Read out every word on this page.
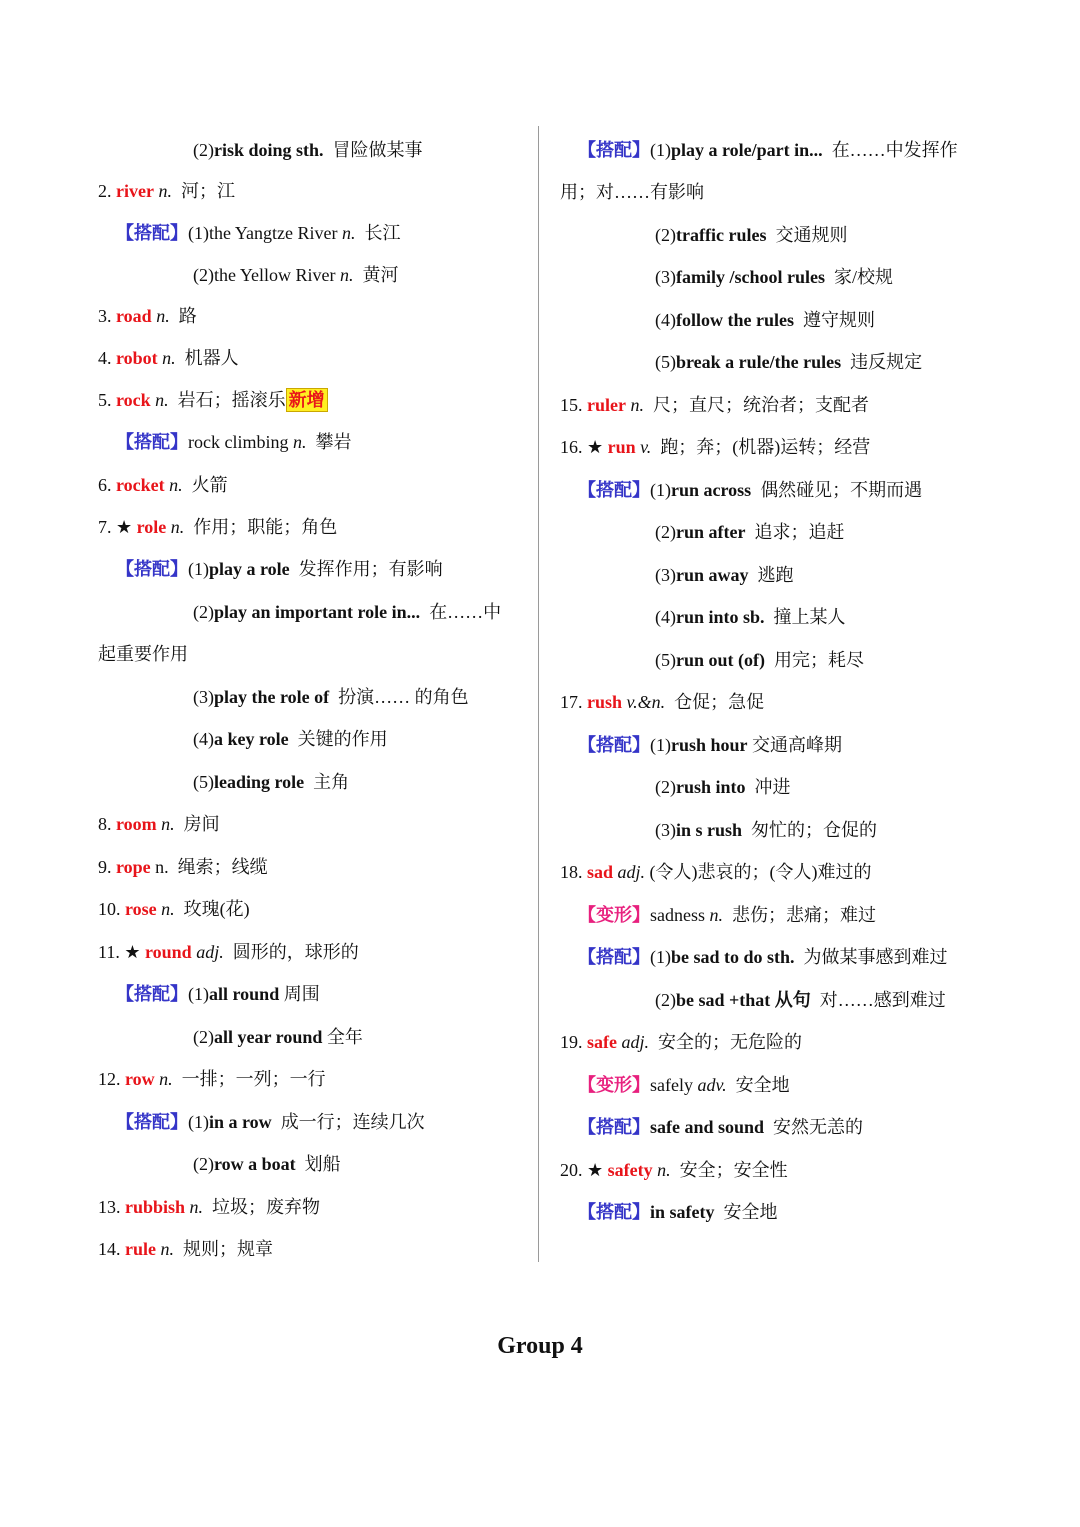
(2)risk doing sth. 冒险做某事
2. river n. 河；江
【搭配】(1)the Yangtze River n. 长江
(2)the Yellow River n. 黄河
3. road n. 路
4. robot n. 机器人
5. rock n. 岩石；摇滚乐 新增
【搭配】rock climbing n. 攀岩
6. rocket n. 火箭
7. ★ role n. 作用；职能；角色
【搭配】(1)play a role 发挥作用；有影响
(2)play an important role in... 在……中
起重要作用
(3)play the role of 扮演…… 的角色
(4)a key role 关键的作用
(5)leading role 主角
8. room n. 房间
9. rope n. 绳索；线缆
10. rose n. 玫瑰(花)
11. ★ round adj. 圆形的，球形的
【搭配】(1)all round 周围
(2)all year round 全年
12. row n. 一排；一列；一行
【搭配】(1)in a row 成一行；连续几次
(2)row a boat 划船
13. rubbish n. 垃圾；废弃物
14. rule n. 规则；规章
【搭配】(1)play a role/part in... 在……中发挥作
用；对……有影响
(2)traffic rules 交通规则
(3)family /school rules 家/校规
(4)follow the rules 遵守规则
(5)break a rule/the rules 违反规定
15. ruler n. 尺；直尺；统治者；支配者
16. ★ run v. 跑；奔；(机器)运转；经营
【搭配】(1)run across 偶然碰见；不期而遇
(2)run after 追求；追赶
(3)run away 逃跑
(4)run into sb. 撞上某人
(5)run out (of) 用完；耗尽
17. rush v.&n. 仓促；急促
【搭配】(1)rush hour 交通高峰期
(2)rush into 冲进
(3)in s rush 匆忙的；仓促的
18. sad adj. (令人)悲哀的；(令人)难过的
【变形】sadness n. 悲伤；悲痛；难过
【搭配】(1)be sad to do sth. 为做某事感到难过
(2)be sad +that 从句 对……感到难过
19. safe adj. 安全的；无危险的
【变形】safely adv. 安全地
【搭配】safe and sound 安然无恙的
20. ★ safety n. 安全；安全性
【搭配】in safety 安全地
Group 4
